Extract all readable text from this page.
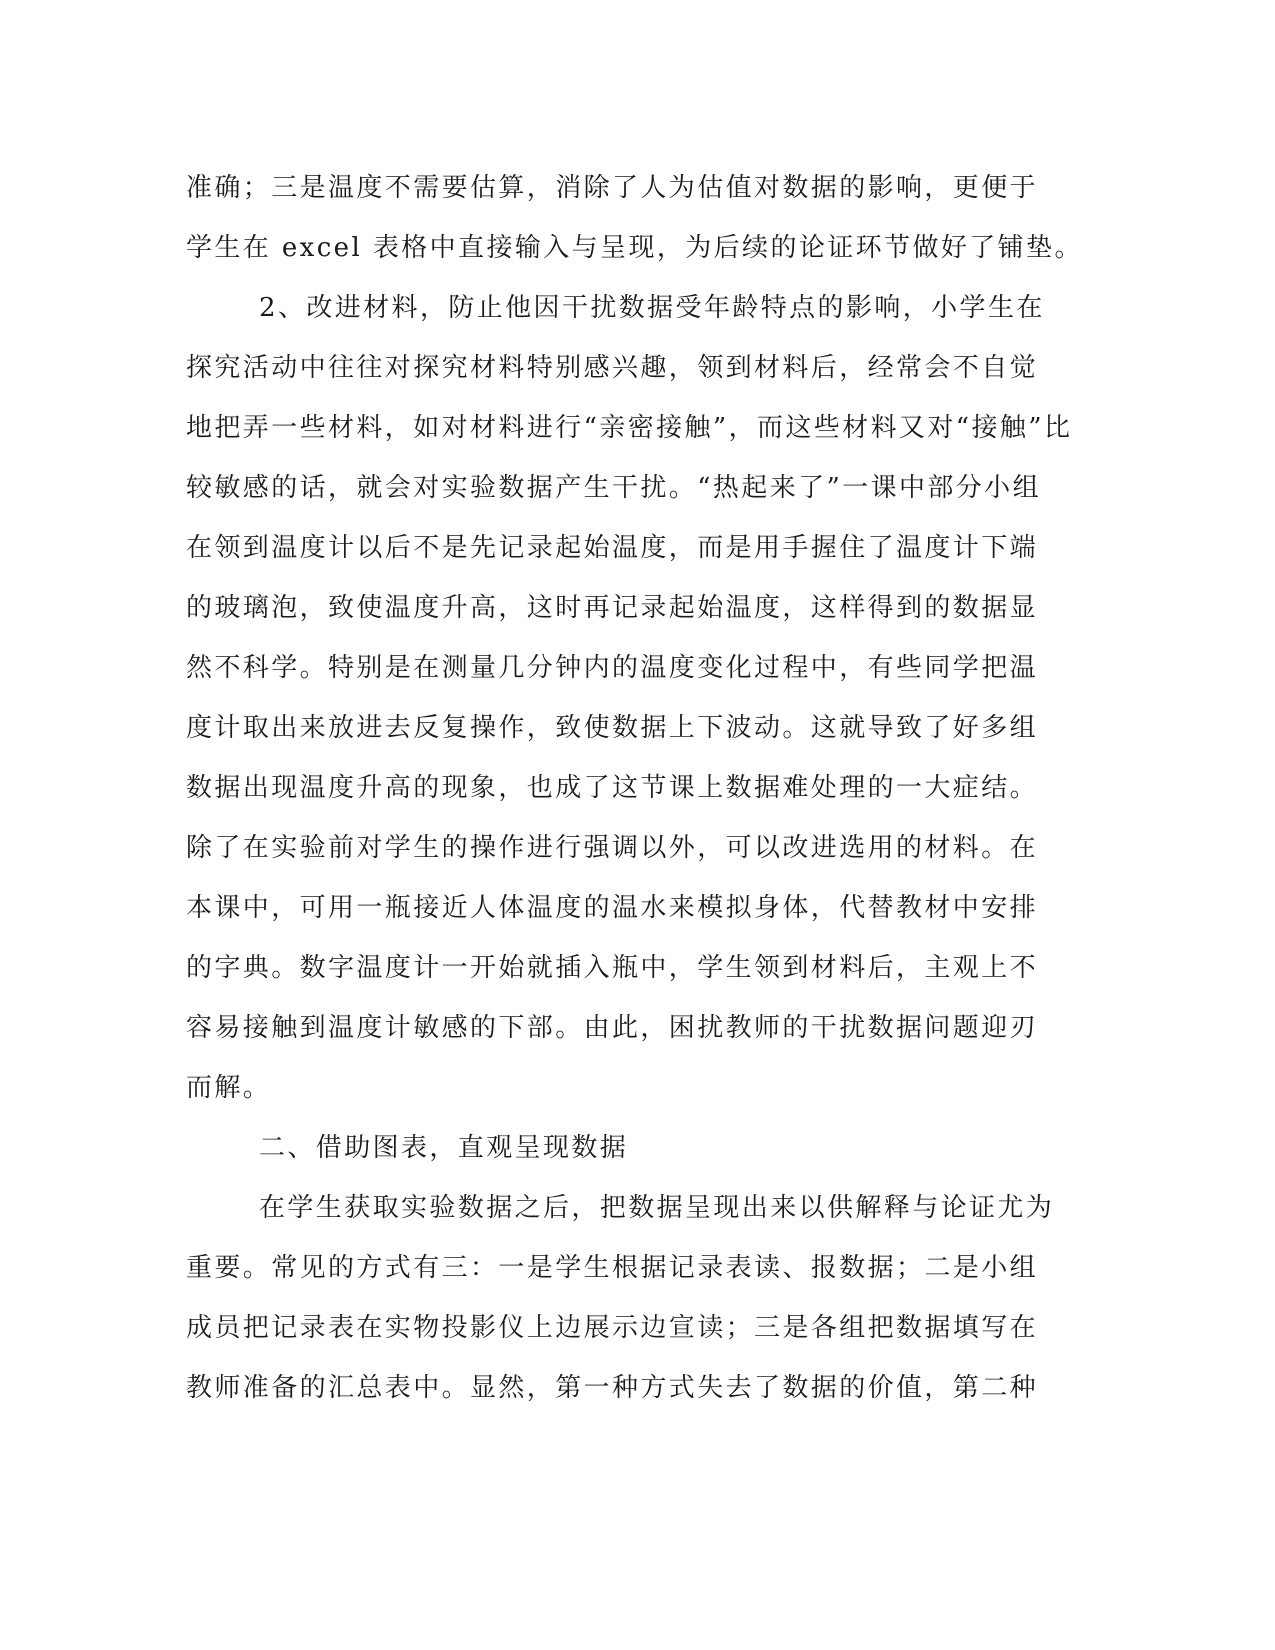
准确；三是温度不需要估算，消除了人为估值对数据的影响，更便于
学生在 excel 表格中直接输入与呈现，为后续的论证环节做好了铺垫。
2、改进材料，防止他因干扰数据受年龄特点的影响，小学生在
探究活动中往往对探究材料特别感兴趣，领到材料后，经常会不自觉
地把弄一些材料，如对材料进行“亲密接触”，而这些材料又对“接触”比
较敏感的话，就会对实验数据产生干扰。“热起来了”一课中部分小组
在领到温度计以后不是先记录起始温度，而是用手握住了温度计下端
的玻璃泡，致使温度升高，这时再记录起始温度，这样得到的数据显
然不科学。特别是在测量几分钟内的温度变化过程中，有些同学把温
度计取出来放进去反复操作，致使数据上下波动。这就导致了好多组
数据出现温度升高的现象，也成了这节课上数据难处理的一大症结。
除了在实验前对学生的操作进行强调以外，可以改进选用的材料。在
本课中，可用一瓶接近人体温度的温水来模拟身体，代替教材中安排
的字典。数字温度计一开始就插入瓶中，学生领到材料后，主观上不
容易接触到温度计敏感的下部。由此，困扰教师的干扰数据问题迎刃
而解。
二、借助图表，直观呈现数据
在学生获取实验数据之后，把数据呈现出来以供解释与论证尤为
重要。常见的方式有三：一是学生根据记录表读、报数据；二是小组
成员把记录表在实物投影仪上边展示边宣读；三是各组把数据填写在
教师准备的汇总表中。显然，第一种方式失去了数据的价值，第二种
